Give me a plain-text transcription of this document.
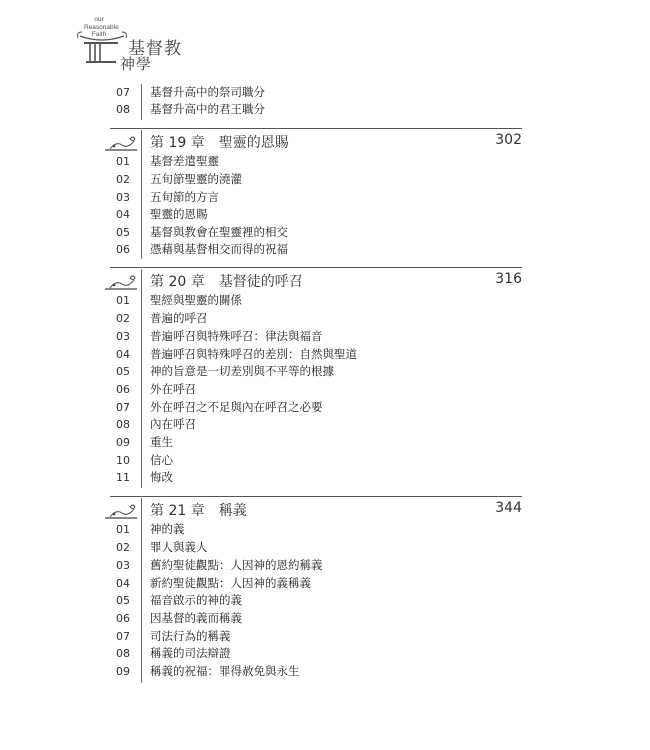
our
Reasonable
Faith
基督教
神學
07 基督升高中的祭司職分
08 基督升高中的君王職分
第 19 章　聖靈的恩賜	302
01 基督差遣聖靈
02 五旬節聖靈的澆灌
03 五旬節的方言
04 聖靈的恩賜
05 基督與教會在聖靈裡的相交
06 憑藉與基督相交而得的祝福
第 20 章　基督徒的呼召	316
01 聖經與聖靈的關係
02 普遍的呼召
03 普遍呼召與特殊呼召：律法與福音
04 普遍呼召與特殊呼召的差別：自然與聖道
05 神的旨意是一切差別與不平等的根據
06 外在呼召
07 外在呼召之不足與內在呼召之必要
08 內在呼召
09 重生
10 信心
11 悔改
第 21 章　稱義	344
01 神的義
02 罪人與義人
03 舊約聖徒觀點：人因神的恩約稱義
04 新約聖徒觀點：人因神的義稱義
05 福音啟示的神的義
06 因基督的義而稱義
07 司法行為的稱義
08 稱義的司法辯證
09 稱義的祝福：罪得赦免與永生
